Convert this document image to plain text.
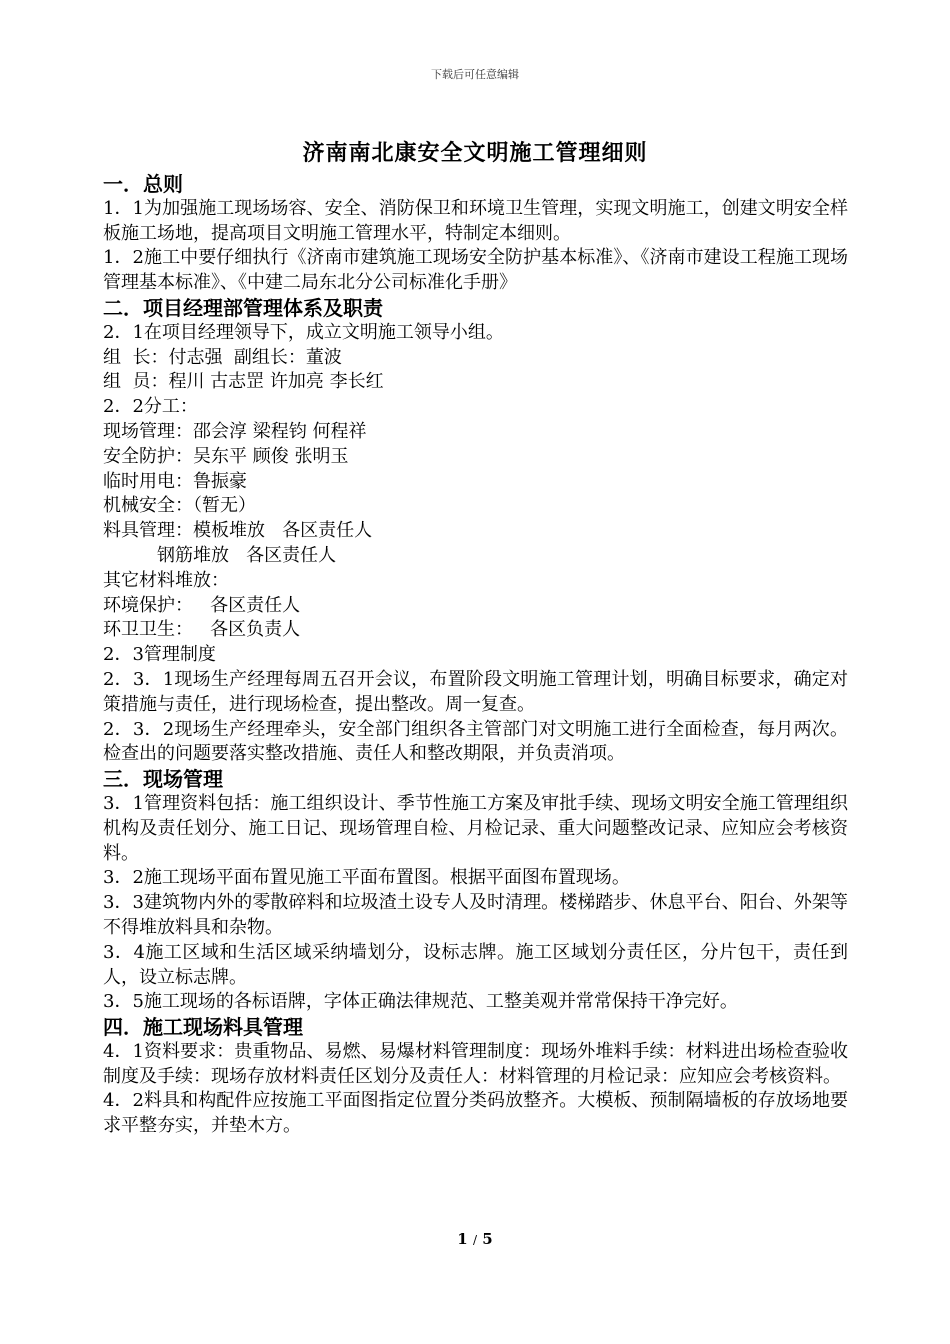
下载后可任意编辑
济南南北康安全文明施工管理细则
一．总则

1．1为加强施工现场场容、安全、消防保卫和环境卫生管理，实现文明施工，创建文明安全样板施工场地，提高项目文明施工管理水平，特制定本细则。

1．2施工中要仔细执行《济南市建筑施工现场安全防护基本标准》、《济南市建设工程施工现场管理基本标准》、《中建二局东北分公司标准化手册》

二．项目经理部管理体系及职责

2．1在项目经理领导下，成立文明施工领导小组。

组  长：付志强  副组长：董波

组  员：程川 古志罡 许加亮 李长红

2．2分工：

现场管理：邵会淳 梁程钧 何程祥

安全防护：吴东平 顾俊 张明玉

临时用电：鲁振豪

机械安全：（暂无）

料具管理：模板堆放   各区责任人

钢筋堆放   各区责任人

其它材料堆放：

环境保护：   各区责任人

环卫卫生：   各区负责人

2．3管理制度

2．3．1现场生产经理每周五召开会议，布置阶段文明施工管理计划，明确目标要求，确定对策措施与责任，进行现场检查，提出整改。周一复查。

2．3．2现场生产经理牵头，安全部门组织各主管部门对文明施工进行全面检查，每月两次。检查出的问题要落实整改措施、责任人和整改期限，并负责消项。

三．现场管理

3．1管理资料包括：施工组织设计、季节性施工方案及审批手续、现场文明安全施工管理组织机构及责任划分、施工日记、现场管理自检、月检记录、重大问题整改记录、应知应会考核资料。

3．2施工现场平面布置见施工平面布置图。根据平面图布置现场。

3．3建筑物内外的零散碎料和垃圾渣土设专人及时清理。楼梯踏步、休息平台、阳台、外架等不得堆放料具和杂物。

3．4施工区域和生活区域采纳墙划分，设标志牌。施工区域划分责任区，分片包干，责任到人，设立标志牌。

3．5施工现场的各标语牌，字体正确法律规范、工整美观并常常保持干净完好。

四．施工现场料具管理

4．1资料要求：贵重物品、易燃、易爆材料管理制度：现场外堆料手续：材料进出场检查验收制度及手续：现场存放材料责任区划分及责任人：材料管理的月检记录：应知应会考核资料。

4．2料具和构配件应按施工平面图指定位置分类码放整齐。大模板、预制隔墙板的存放场地要求平整夯实，并垫木方。

1 / 5
